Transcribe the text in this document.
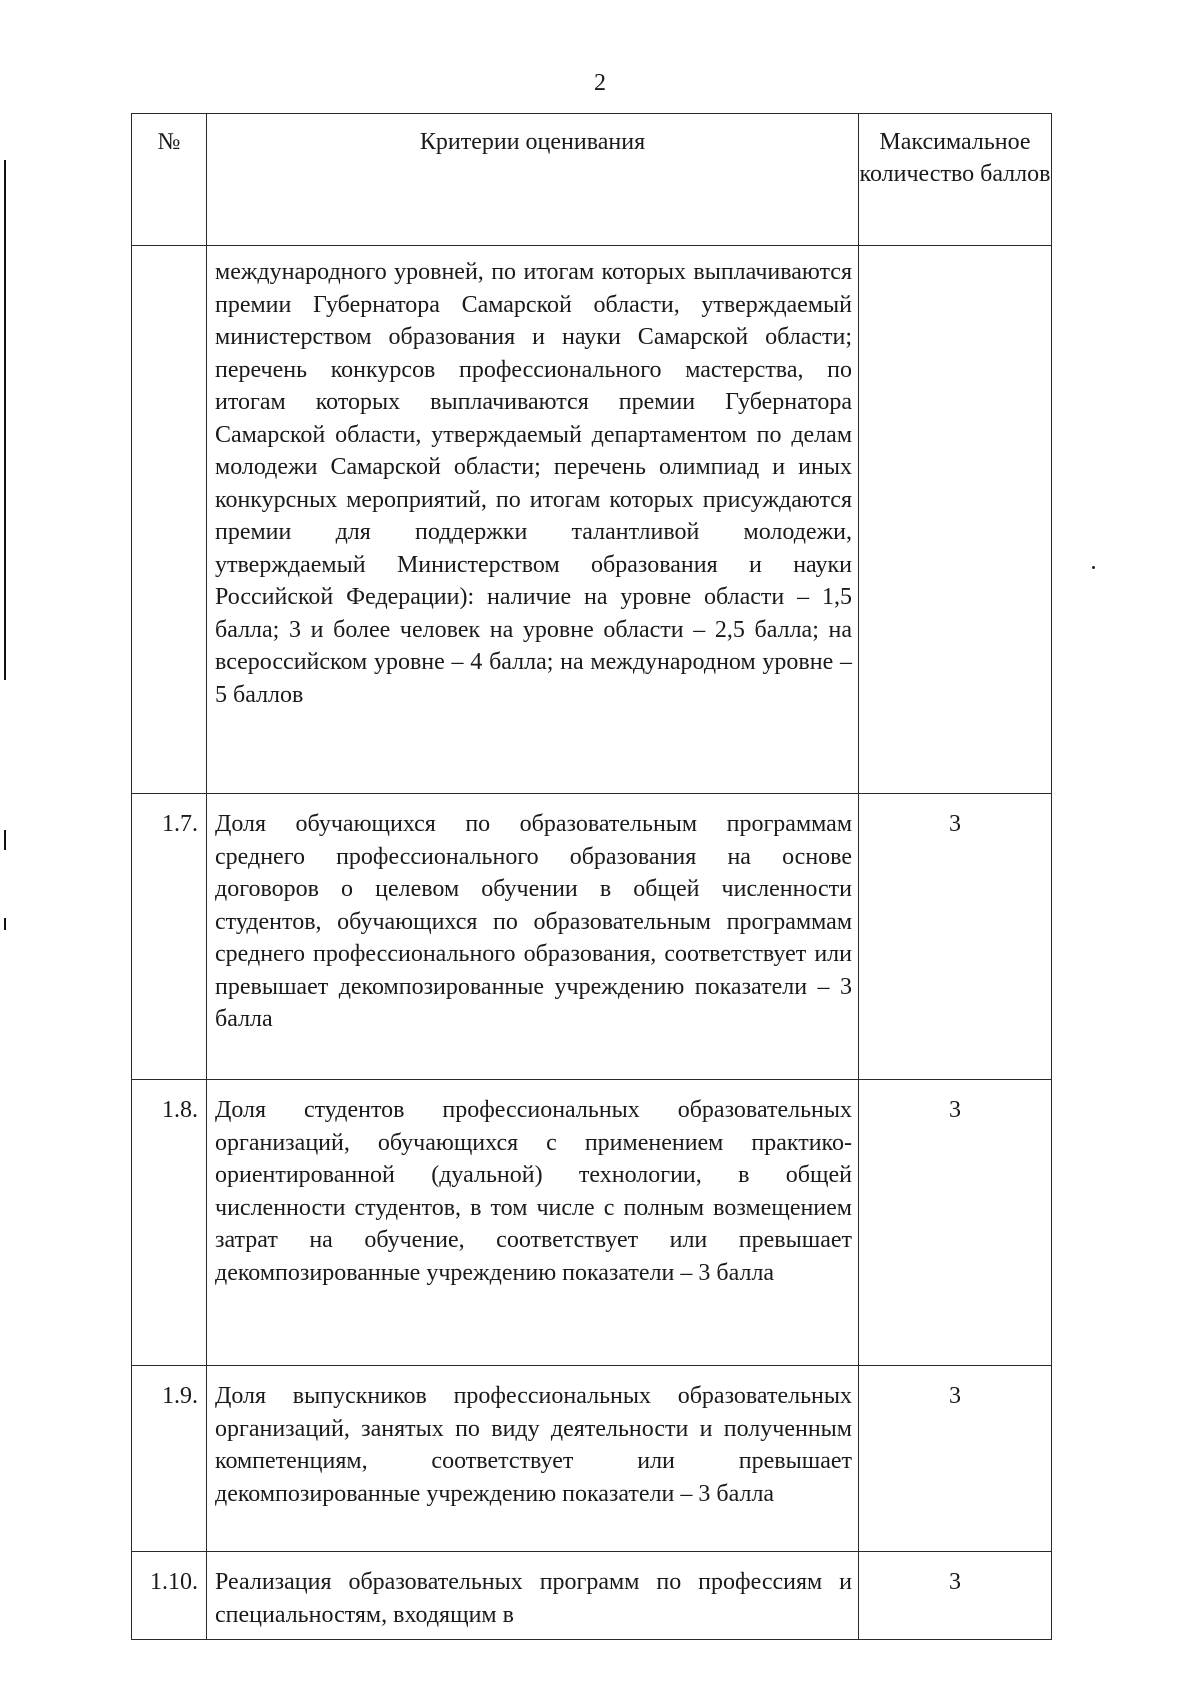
2
№	Критерии оценивания	Максимальное количество баллов
	международного уровней, по итогам которых выплачиваются премии Губернатора Самарской области, утверждаемый министерством образования и науки Самарской области; перечень конкурсов профессионального мастерства, по итогам которых выплачиваются премии Губернатора Самарской области, утверждаемый департаментом по делам молодежи Самарской области; перечень олимпиад и иных конкурсных мероприятий, по итогам которых присуждаются премии для поддержки талантливой молодежи, утверждаемый Министерством образования и науки Российской Федерации): наличие на уровне области – 1,5 балла; 3 и более человек на уровне области – 2,5 балла; на всероссийском уровне – 4 балла; на международном уровне – 5 баллов	
1.7.	Доля обучающихся по образовательным программам среднего профессионального образования на основе договоров о целевом обучении в общей численности студентов, обучающихся по образовательным программам среднего профессионального образования, соответствует или превышает декомпозированные учреждению показатели – 3 балла	3
1.8.	Доля студентов профессиональных образовательных организаций, обучающихся с применением практико-ориентированной (дуальной) технологии, в общей численности студентов, в том числе с полным возмещением затрат на обучение, соответствует или превышает декомпозированные учреждению показатели – 3 балла	3
1.9.	Доля выпускников профессиональных образовательных организаций, занятых по виду деятельности и полученным компетенциям, соответствует или превышает декомпозированные учреждению показатели – 3 балла	3
1.10.	Реализация образовательных программ по профессиям и специальностям, входящим в	3
